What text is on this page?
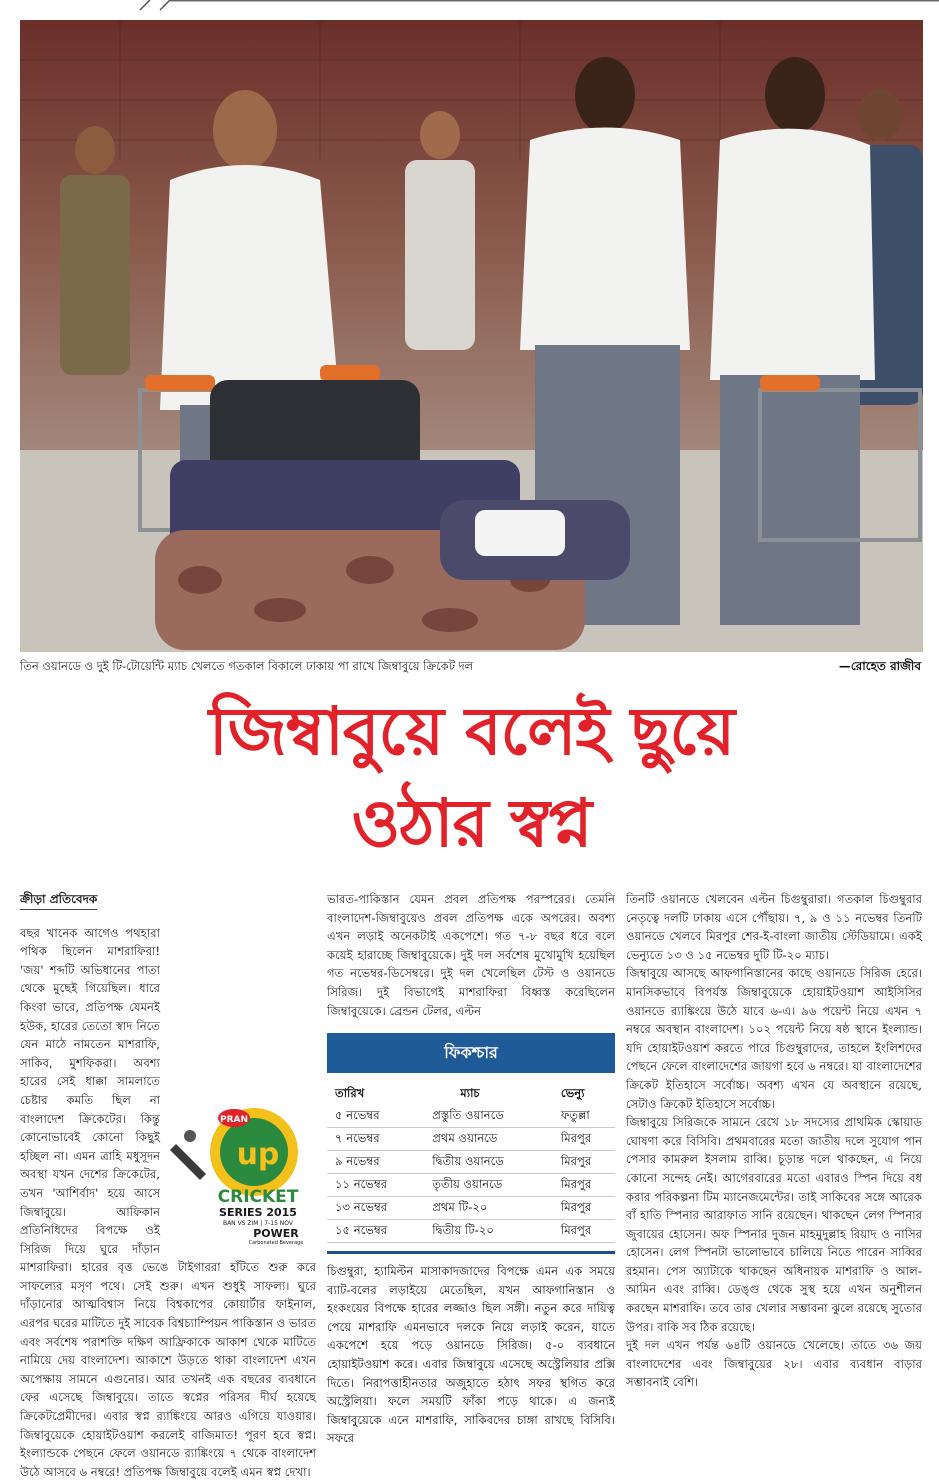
তিন ওয়ানডে ও দুই টি-টোয়েন্টি ম্যাচ খেলতে গতকাল বিকালে ঢাকায় পা রাখে জিম্বাবুয়ে ক্রিকেট দল	—রোহেত রাজীব
জিম্বাবুয়ে বলেই ছুয়ে
ওঠার স্বপ্ন
ক্রীড়া প্রতিবেদক
PRAN
up
CRICKET
SERIES 2015
BAN VS ZIM | 7-15 NOV
POWER
Carbonated Beverage

বছর খানেক আগেও পথহারা পথিক ছিলেন মাশরাফিরা! 'জয়' শব্দটি অভিধানের পাতা থেকে মুছেই গিয়েছিল। ধারে কিংবা ভারে, প্রতিপক্ষ যেমনই হউক, হারের তেতো স্বাদ নিতে যেন মাঠে নামতেন মাশরাফি, সাকিব, মুশফিকরা। অবশ্য হারের সেই ধাক্কা সামলাতে চেষ্টার কমতি ছিল না বাংলাদেশ ক্রিকেটের। কিন্তু কোনোভাবেই কোনো কিছুই হচ্ছিল না। এমন ত্রাহি মধুসূদন অবস্থা যখন দেশের ক্রিকেটের, তখন 'আশির্বাদ' হয়ে আসে জিম্বাবুয়ে। আফিকান প্রতিনিধিদের বিপক্ষে ওই সিরিজ দিয়ে ঘুরে দাঁড়ান মাশরাফিরা। হারের বৃত্ত ভেঙে টাইগাররা হাঁটতে শুরু করে সাফল্যের মসৃণ পথে। সেই শুরু। এখন শুধুই সাফল্য। ঘুরে দাঁড়ানোর আত্মবিশ্বাস নিয়ে বিশ্বকাপের কোয়ার্টার ফাইনাল, এরপর ঘরের মাটিতে দুই সাবেক বিশ্বচ্যাম্পিয়ন পাকিস্তান ও ভারত এবং সর্বশেষ পরাশক্তি দক্ষিণ আফ্রিকাকে আকাশ থেকে মাটিতে নামিয়ে দেয় বাংলাদেশ। আকাশে উড়তে থাকা বাংলাদেশ এখন অপেক্ষায় সামনে এগুনোর। আর তখনই এক বছরের ব্যবধানে ফের এসেছে জিম্বাবুয়ে। তাতে স্বপ্নের পরিসর দীর্ঘ হয়েছে ক্রিকেটপ্রেমীদের। এবার স্বপ্ন র‌্যাঙ্কিংয়ে আরও এগিয়ে যাওয়ার। জিম্বাবুয়েকে হোয়াইটওয়াশ করলেই বাজিমাত! পূরণ হবে স্বপ্ন। ইংল্যান্ডকে পেছনে ফেলে ওয়ানডে র‌্যাঙ্কিংয়ে ৭ থেকে বাংলাদেশ উঠে আসবে ৬ নম্বরে! প্রতিপক্ষ জিম্বাবুয়ে বলেই এমন স্বপ্ন দেখা।

ভারত-পাকিস্তান যেমন প্রবল প্রতিপক্ষ পরস্পরের। তেমনি বাংলাদেশ-জিম্বাবুয়েও প্রবল প্রতিপক্ষ একে অপরের। অবশ্য এখন লড়াই অনেকটাই একপেশে। গত ৭-৮ বছর ধরে বলে কয়েই হারাচ্ছে জিম্বাবুয়েকে। দুই দল সর্বশেষ মুখোমুখি হয়েছিল গত নভেম্বর-ডিসেম্বরে। দুই দল খেলেছিল টেস্ট ও ওয়ানডে সিরিজ। দুই বিভাগেই মাশরাফিরা বিধ্বস্ত করেছিলেন জিম্বাবুয়েকে। ব্রেন্ডন টেলর, এল্টন

ফিকশ্চার
তারিখ	ম্যাচ	ভেন্যু
৫ নভেম্বর	প্রস্তুতি ওয়ানডে	ফতুল্লা
৭ নভেম্বর	প্রথম ওয়ানডে	মিরপুর
৯ নভেম্বর	দ্বিতীয় ওয়ানডে	মিরপুর
১১ নভেম্বর	তৃতীয় ওয়ানডে	মিরপুর
১৩ নভেম্বর	প্রথম টি-২০	মিরপুর
১৫ নভেম্বর	দ্বিতীয় টি-২০	মিরপুর

চিগুম্বুরা, হ্যামিল্টন মাসাকাদজাদের বিপক্ষে এমন এক সময়ে ব্যাট-বলের লড়াইয়ে মেতেছিল, যখন আফগানিস্তান ও হংকংয়ের বিপক্ষে হারের লজ্জাও ছিল সঙ্গী। নতুন করে দায়িত্ব পেয়ে মাশরাফি এমনভাবে দলকে নিয়ে লড়াই করেন, যাতে একপেশে হয়ে পড়ে ওয়ানডে সিরিজ। ৫-০ ব্যবধানে হোয়াইটওয়াশ করে। এবার জিম্বাবুয়ে এসেছে অস্ট্রেলিয়ার প্রক্সি দিতে। নিরাপত্তাহীনতার অজুহাতে হঠাৎ সফর স্থগিত করে অস্ট্রেলিয়া। ফলে সময়টি ফাঁকা পড়ে থাকে। এ জন্যই জিম্বাবুয়েকে এনে মাশরাফি, সাকিবদের চাঙ্গা রাখছে বিসিবি। সফরে

তিনটি ওয়ানডে খেলবেন এল্টন চিগুম্বুরারা। গতকাল চিগুম্বুরার নেতৃত্বে দলটি ঢাকায় এসে পৌঁছায়। ৭, ৯ ও ১১ নভেম্বর তিনটি ওয়ানডে খেলবে মিরপুর শের-ই-বাংলা জাতীয় স্টেডিয়ামে। একই ভেন্যুতে ১৩ ও ১৫ নভেম্বর দুটি টি-২০ ম্যাচ।

জিম্বাবুয়ে আসছে আফগানিস্তানের কাছে ওয়ানডে সিরিজ হেরে। মানসিকভাবে বিপর্যস্ত জিম্বাবুয়েকে হোয়াইটওয়াশ আইসিসির ওয়ানডে র‌্যাঙ্কিংয়ে উঠে যাবে ৬-এ। ৯৬ পয়েন্ট নিয়ে এখন ৭ নম্বরে অবস্থান বাংলাদেশ। ১০২ পয়েন্ট নিয়ে ষষ্ঠ স্থানে ইংল্যান্ড। যদি হোয়াইটওয়াশ করতে পারে চিগুম্বুরাদের, তাহলে ইংলিশদের পেছনে ফেলে বাংলাদেশের জায়গা হবে ৬ নম্বরে। যা বাংলাদেশের ক্রিকেট ইতিহাসে সর্বোচ্চ। অবশ্য এখন যে অবস্থানে রয়েছে, সেটাও ক্রিকেট ইতিহাসে সর্বোচ্চ।

জিম্বাবুয়ে সিরিজকে সামনে রেখে ১৮ সদস্যের প্রাথমিক স্কোয়াড ঘোষণা করে বিসিবি। প্রথমবারের মতো জাতীয় দলে সুযোগ পান পেসার কামরুল ইসলাম রাব্বি। চূড়ান্ত দলে থাকছেন, এ নিয়ে কোনো সন্দেহ নেই। আগেরবারের মতো এবারও স্পিন দিয়ে বধ করার পরিকল্পনা টিম ম্যানেজমেন্টের। তাই সাকিবের সঙ্গে আরেক বাঁ হাতি স্পিনার আরাফাত সানি রয়েছেন। থাকছেন লেগ স্পিনার জুবায়ের হোসেন। অফ স্পিনার দুজন মাহমুদুল্লাহ রিয়াদ ও নাসির হোসেন। লেগ স্পিনটা ভালোভাবে চালিয়ে নিতে পারেন সাব্বির রহমান। পেস অ্যাটাকে থাকছেন অধিনায়ক মাশরাফি ও আল-আমিন এবং রাব্বি। ডেঙ্গু থেকে সুস্থ হয়ে এখন অনুশীলন করছেন মাশরাফি। তবে তার খেলার সম্ভাবনা ঝুলে রয়েছে সুতোর উপর। বাকি সব ঠিক রয়েছে।

দুই দল এখন পর্যন্ত ৬৪টি ওয়ানডে খেলেছে। তাতে ৩৬ জয় বাংলাদেশের এবং জিম্বাবুয়ের ২৮। এবার ব্যবধান বাড়ার সম্ভাবনাই বেশি।
